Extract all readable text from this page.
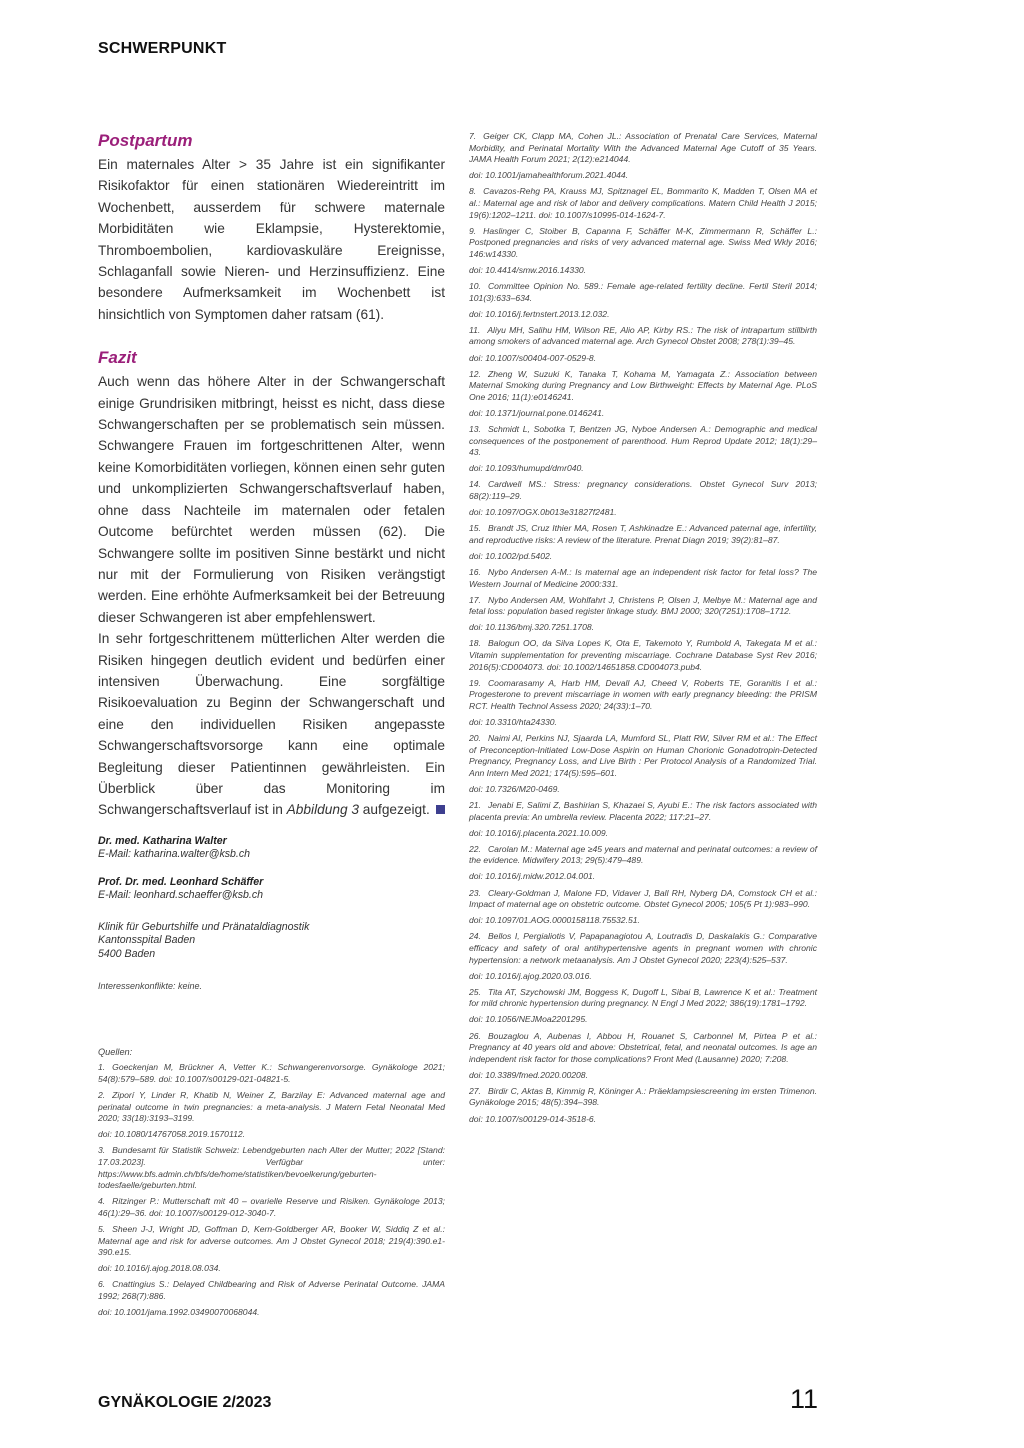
SCHWERPUNKT
Postpartum

Ein maternales Alter > 35 Jahre ist ein signifikanter Risikofaktor für einen stationären Wiedereintritt im Wochenbett, ausserdem für schwere maternale Morbiditäten wie Eklampsie, Hysterektomie, Thromboembolien, kardiovaskuläre Ereignisse, Schlaganfall sowie Nieren- und Herzinsuffizienz. Eine besondere Aufmerksamkeit im Wochenbett ist hinsichtlich von Symptomen daher ratsam (61).

Fazit

Auch wenn das höhere Alter in der Schwangerschaft einige Grundrisiken mitbringt, heisst es nicht, dass diese Schwangerschaften per se problematisch sein müssen. Schwangere Frauen im fortgeschrittenen Alter, wenn keine Komorbiditäten vorliegen, können einen sehr guten und unkomplizierten Schwangerschaftsverlauf haben, ohne dass Nachteile im maternalen oder fetalen Outcome befürchtet werden müssen (62). Die Schwangere sollte im positiven Sinne bestärkt und nicht nur mit der Formulierung von Risiken verängstigt werden. Eine erhöhte Aufmerksamkeit bei der Betreuung dieser Schwangeren ist aber empfehlenswert.

In sehr fortgeschrittenem mütterlichen Alter werden die Risiken hingegen deutlich evident und bedürfen einer intensiven Überwachung. Eine sorgfältige Risikoevaluation zu Beginn der Schwangerschaft und eine den individuellen Risiken angepasste Schwangerschaftsvorsorge kann eine optimale Begleitung dieser Patientinnen gewährleisten. Ein Überblick über das Monitoring im Schwangerschaftsverlauf ist in Abbildung 3 aufgezeigt.

Dr. med. Katharina Walter
E-Mail: katharina.walter@ksb.ch
Prof. Dr. med. Leonhard Schäffer
E-Mail: leonhard.schaeffer@ksb.ch
Klinik für Geburtshilfe und Pränataldiagnostik
Kantonsspital Baden
5400 Baden
Interessenkonflikte: keine.
Quellen:

1. Goeckenjan M, Brückner A, Vetter K.: Schwangerenvorsorge. Gynäkologe 2021; 54(8):579–589. doi: 10.1007/s00129-021-04821-5.

2. Ziporí Y, Linder R, Khatib N, Weiner Z, Barzilay E: Advanced maternal age and perinatal outcome in twin pregnancies: a meta-analysis. J Matern Fetal Neonatal Med 2020; 33(18):3193–3199.

doi: 10.1080/14767058.2019.1570112.

3. Bundesamt für Statistik Schweiz: Lebendgeburten nach Alter der Mutter; 2022 [Stand: 17.03.2023]. Verfügbar unter: https://www.bfs.admin.ch/bfs/de/home/statistiken/bevoelkerung/geburten-todesfaelle/geburten.html.

4. Ritzinger P.: Mutterschaft mit 40 – ovarielle Reserve und Risiken. Gynäkologe 2013; 46(1):29–36. doi: 10.1007/s00129-012-3040-7.

5. Sheen J-J, Wright JD, Goffman D, Kern-Goldberger AR, Booker W, Siddiq Z et al.: Maternal age and risk for adverse outcomes. Am J Obstet Gynecol 2018; 219(4):390.e1-390.e15.

doi: 10.1016/j.ajog.2018.08.034.

6. Cnattingius S.: Delayed Childbearing and Risk of Adverse Perinatal Outcome. JAMA 1992; 268(7):886.

doi: 10.1001/jama.1992.03490070068044.

7. Geiger CK, Clapp MA, Cohen JL.: Association of Prenatal Care Services, Maternal Morbidity, and Perinatal Mortality With the Advanced Maternal Age Cutoff of 35 Years. JAMA Health Forum 2021; 2(12):e214044.

doi: 10.1001/jamahealthforum.2021.4044.

8. Cavazos-Rehg PA, Krauss MJ, Spitznagel EL, Bommarito K, Madden T, Olsen MA et al.: Maternal age and risk of labor and delivery complications. Matern Child Health J 2015; 19(6):1202–1211. doi: 10.1007/s10995-014-1624-7.

9. Haslinger C, Stoiber B, Capanna F, Schäffer M-K, Zimmermann R, Schäffer L.: Postponed pregnancies and risks of very advanced maternal age. Swiss Med Wkly 2016; 146:w14330.

doi: 10.4414/smw.2016.14330.

10. Committee Opinion No. 589.: Female age-related fertility decline. Fertil Steril 2014; 101(3):633–634.

doi: 10.1016/j.fertnstert.2013.12.032.

11. Aliyu MH, Salihu HM, Wilson RE, Alio AP, Kirby RS.: The risk of intrapartum stillbirth among smokers of advanced maternal age. Arch Gynecol Obstet 2008; 278(1):39–45.

doi: 10.1007/s00404-007-0529-8.

12. Zheng W, Suzuki K, Tanaka T, Kohama M, Yamagata Z.: Association between Maternal Smoking during Pregnancy and Low Birthweight: Effects by Maternal Age. PLoS One 2016; 11(1):e0146241.

doi: 10.1371/journal.pone.0146241.

13. Schmidt L, Sobotka T, Bentzen JG, Nyboe Andersen A.: Demographic and medical consequences of the postponement of parenthood. Hum Reprod Update 2012; 18(1):29–43.

doi: 10.1093/humupd/dmr040.

14. Cardwell MS.: Stress: pregnancy considerations. Obstet Gynecol Surv 2013; 68(2):119–29.

doi: 10.1097/OGX.0b013e31827f2481.

15. Brandt JS, Cruz Ithier MA, Rosen T, Ashkinadze E.: Advanced paternal age, infertility, and reproductive risks: A review of the literature. Prenat Diagn 2019; 39(2):81–87.

doi: 10.1002/pd.5402.

16. Nybo Andersen A-M.: Is maternal age an independent risk factor for fetal loss? The Western Journal of Medicine 2000:331.

17. Nybo Andersen AM, Wohlfahrt J, Christens P, Olsen J, Melbye M.: Maternal age and fetal loss: population based register linkage study. BMJ 2000; 320(7251):1708–1712.

doi: 10.1136/bmj.320.7251.1708.

18. Balogun OO, da Silva Lopes K, Ota E, Takemoto Y, Rumbold A, Takegata M et al.: Vitamin supplementation for preventing miscarriage. Cochrane Database Syst Rev 2016; 2016(5):CD004073. doi: 10.1002/14651858.CD004073.pub4.

19. Coomarasamy A, Harb HM, Devall AJ, Cheed V, Roberts TE, Goranitis I et al.: Progesterone to prevent miscarriage in women with early pregnancy bleeding: the PRISM RCT. Health Technol Assess 2020; 24(33):1–70.

doi: 10.3310/hta24330.

20. Naimi AI, Perkins NJ, Sjaarda LA, Mumford SL, Platt RW, Silver RM et al.: The Effect of Preconception-Initiated Low-Dose Aspirin on Human Chorionic Gonadotropin-Detected Pregnancy, Pregnancy Loss, and Live Birth : Per Protocol Analysis of a Randomized Trial. Ann Intern Med 2021; 174(5):595–601.

doi: 10.7326/M20-0469.

21. Jenabi E, Salimi Z, Bashirian S, Khazaei S, Ayubi E.: The risk factors associated with placenta previa: An umbrella review. Placenta 2022; 117:21–27.

doi: 10.1016/j.placenta.2021.10.009.

22. Carolan M.: Maternal age ≥45 years and maternal and perinatal outcomes: a review of the evidence. Midwifery 2013; 29(5):479–489.

doi: 10.1016/j.midw.2012.04.001.

23. Cleary-Goldman J, Malone FD, Vidaver J, Ball RH, Nyberg DA, Comstock CH et al.: Impact of maternal age on obstetric outcome. Obstet Gynecol 2005; 105(5 Pt 1):983–990.

doi: 10.1097/01.AOG.0000158118.75532.51.

24. Bellos I, Pergialiotis V, Papapanagiotou A, Loutradis D, Daskalakis G.: Comparative efficacy and safety of oral antihypertensive agents in pregnant women with chronic hypertension: a network metaanalysis. Am J Obstet Gynecol 2020; 223(4):525–537.

doi: 10.1016/j.ajog.2020.03.016.

25. Tita AT, Szychowski JM, Boggess K, Dugoff L, Sibai B, Lawrence K et al.: Treatment for mild chronic hypertension during pregnancy. N Engl J Med 2022; 386(19):1781–1792.

doi: 10.1056/NEJMoa2201295.

26. Bouzaglou A, Aubenas I, Abbou H, Rouanet S, Carbonnel M, Pirtea P et al.: Pregnancy at 40 years old and above: Obstetrical, fetal, and neonatal outcomes. Is age an independent risk factor for those complications? Front Med (Lausanne) 2020; 7:208.

doi: 10.3389/fmed.2020.00208.

27. Birdir C, Aktas B, Kimmig R, Köninger A.: Präeklampsiescreening im ersten Trimenon. Gynäkologe 2015; 48(5):394–398.

doi: 10.1007/s00129-014-3518-6.

GYNÄKOLOGIE 2/2023	11
